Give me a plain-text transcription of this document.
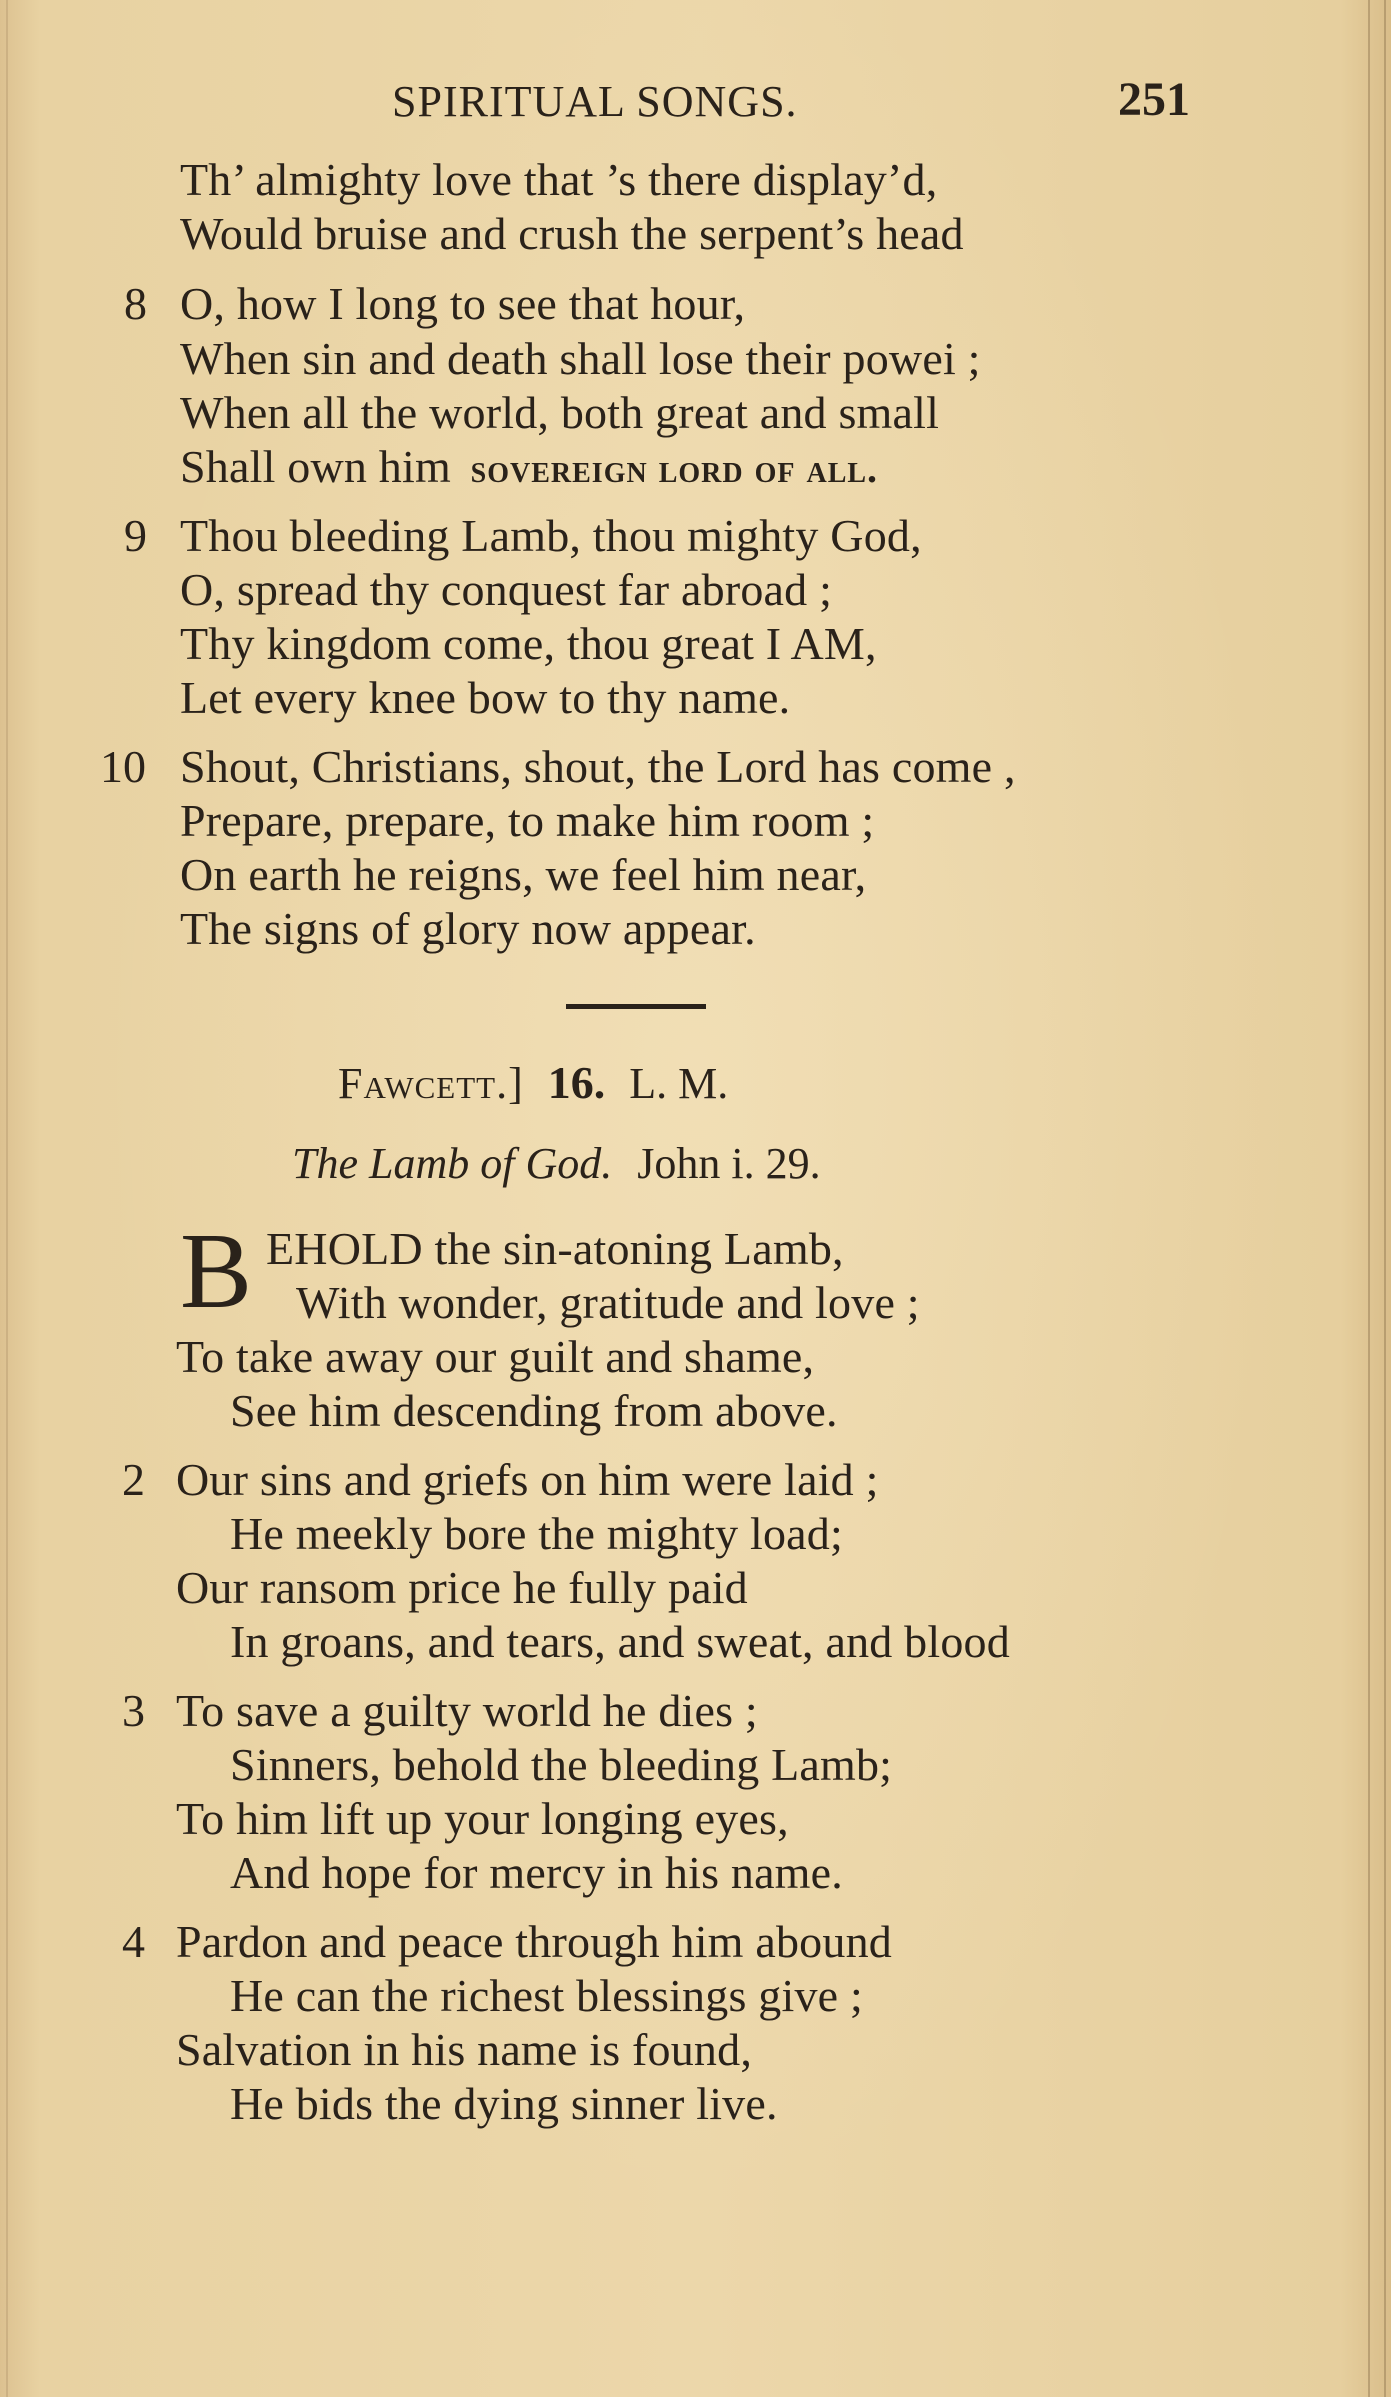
SPIRITUAL SONGS.	251
Th’ almighty love that ’s there display’d,
Would bruise and crush the serpent’s head
8 O, how I long to see that hour,
When sin and death shall lose their powei ;
When all the world, both great and small
Shall own him sovereign lord of all.
9 Thou bleeding Lamb, thou mighty God,
O, spread thy conquest far abroad ;
Thy kingdom come, thou great I AM,
Let every knee bow to thy name.
10 Shout, Christians, shout, the Lord has come ,
Prepare, prepare, to make him room ;
On earth he reigns, we feel him near,
The signs of glory now appear.
Fawcett.] 16. L. M.
The Lamb of God. John i. 29.
B EHOLD the sin-atoning Lamb,
With wonder, gratitude and love ;
To take away our guilt and shame,
See him descending from above.
2 Our sins and griefs on him were laid ;
He meekly bore the mighty load;
Our ransom price he fully paid
In groans, and tears, and sweat, and blood
3 To save a guilty world he dies ;
Sinners, behold the bleeding Lamb;
To him lift up your longing eyes,
And hope for mercy in his name.
4 Pardon and peace through him abound
He can the richest blessings give ;
Salvation in his name is found,
He bids the dying sinner live.
